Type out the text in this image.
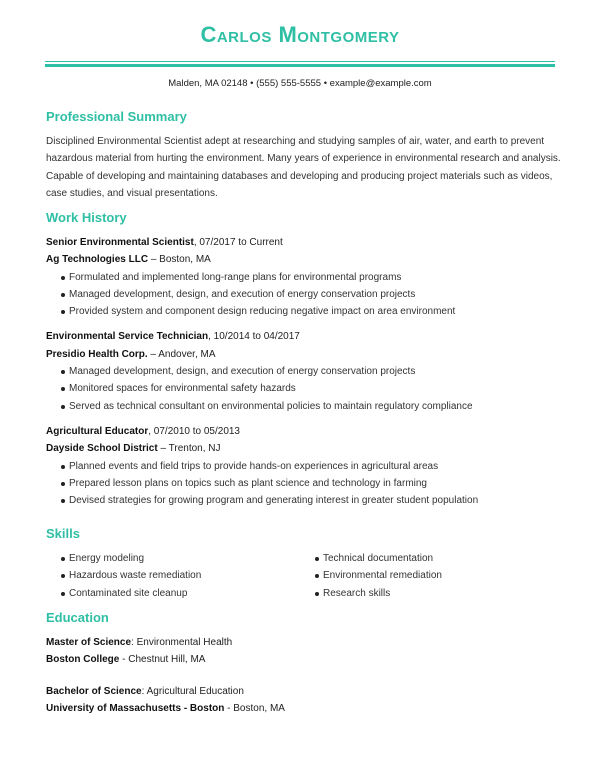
Carlos Montgomery
Malden, MA 02148 • (555) 555-5555 • example@example.com
Professional Summary
Disciplined Environmental Scientist adept at researching and studying samples of air, water, and earth to prevent hazardous material from hurting the environment. Many years of experience in environmental research and analysis. Capable of developing and maintaining databases and developing and producing project materials such as videos, case studies, and visual presentations.
Work History
Senior Environmental Scientist, 07/2017 to Current
Ag Technologies LLC – Boston, MA
Formulated and implemented long-range plans for environmental programs
Managed development, design, and execution of energy conservation projects
Provided system and component design reducing negative impact on area environment
Environmental Service Technician, 10/2014 to 04/2017
Presidio Health Corp. – Andover, MA
Managed development, design, and execution of energy conservation projects
Monitored spaces for environmental safety hazards
Served as technical consultant on environmental policies to maintain regulatory compliance
Agricultural Educator, 07/2010 to 05/2013
Dayside School District – Trenton, NJ
Planned events and field trips to provide hands-on experiences in agricultural areas
Prepared lesson plans on topics such as plant science and technology in farming
Devised strategies for growing program and generating interest in greater student population
Skills
Energy modeling
Hazardous waste remediation
Contaminated site cleanup
Technical documentation
Environmental remediation
Research skills
Education
Master of Science: Environmental Health
Boston College - Chestnut Hill, MA
Bachelor of Science: Agricultural Education
University of Massachusetts - Boston - Boston, MA
